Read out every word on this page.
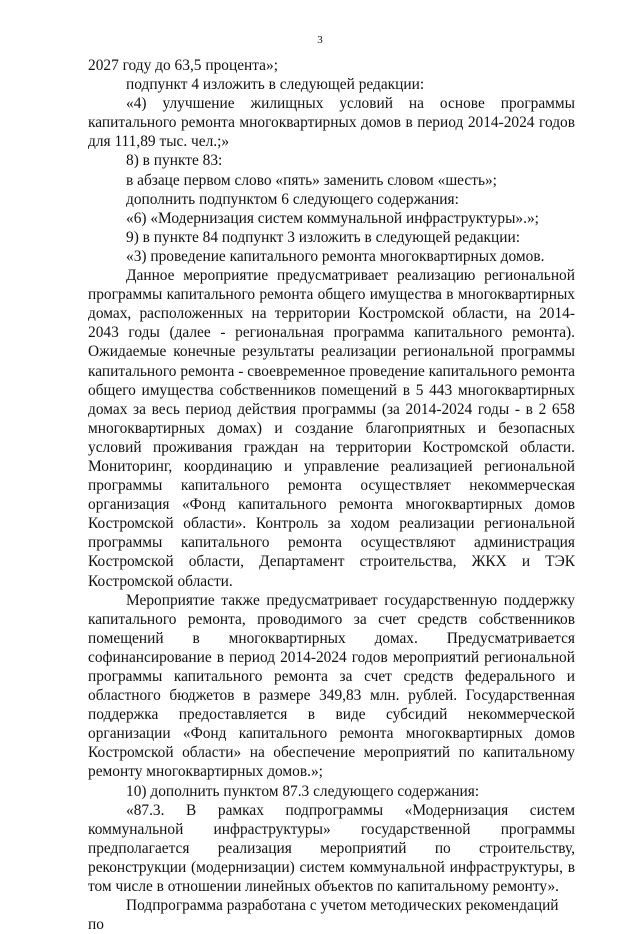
3

2027 году до 63,5 процента»;

подпункт 4 изложить в следующей редакции:

«4) улучшение жилищных условий на основе программы капитального ремонта многоквартирных домов в период 2014-2024 годов для 111,89 тыс. чел.;»

8) в пункте 83:

в абзаце первом слово «пять» заменить словом «шесть»;

дополнить подпунктом 6 следующего содержания:

«6) «Модернизация систем коммунальной инфраструктуры».»;

9) в пункте 84 подпункт 3 изложить в следующей редакции:

«3) проведение капитального ремонта многоквартирных домов.

Данное мероприятие предусматривает реализацию региональной программы капитального ремонта общего имущества в многоквартирных домах, расположенных на территории Костромской области, на 2014-2043 годы (далее - региональная программа капитального ремонта). Ожидаемые конечные результаты реализации региональной программы капитального ремонта - своевременное проведение капитального ремонта общего имущества собственников помещений в 5 443 многоквартирных домах за весь период действия программы (за 2014-2024 годы - в 2 658 многоквартирных домах) и создание благоприятных и безопасных условий проживания граждан на территории Костромской области. Мониторинг, координацию и управление реализацией региональной программы капитального ремонта осуществляет некоммерческая организация «Фонд капитального ремонта многоквартирных домов Костромской области». Контроль за ходом реализации региональной программы капитального ремонта осуществляют администрация Костромской области, Департамент строительства, ЖКХ и ТЭК Костромской области.

Мероприятие также предусматривает государственную поддержку капитального ремонта, проводимого за счет средств собственников помещений в многоквартирных домах. Предусматривается софинансирование в период 2014-2024 годов мероприятий региональной программы капитального ремонта за счет средств федерального и областного бюджетов в размере 349,83 млн. рублей. Государственная поддержка предоставляется в виде субсидий некоммерческой организации «Фонд капитального ремонта многоквартирных домов Костромской области» на обеспечение мероприятий по капитальному ремонту многоквартирных домов.»;

10) дополнить пунктом 87.3 следующего содержания:

«87.3. В рамках подпрограммы «Модернизация систем коммунальной инфраструктуры» государственной программы предполагается реализация мероприятий по строительству, реконструкции (модернизации) систем коммунальной инфраструктуры, в том числе в отношении линейных объектов по капитальному ремонту».

Подпрограмма разработана с учетом методических рекомендаций по
